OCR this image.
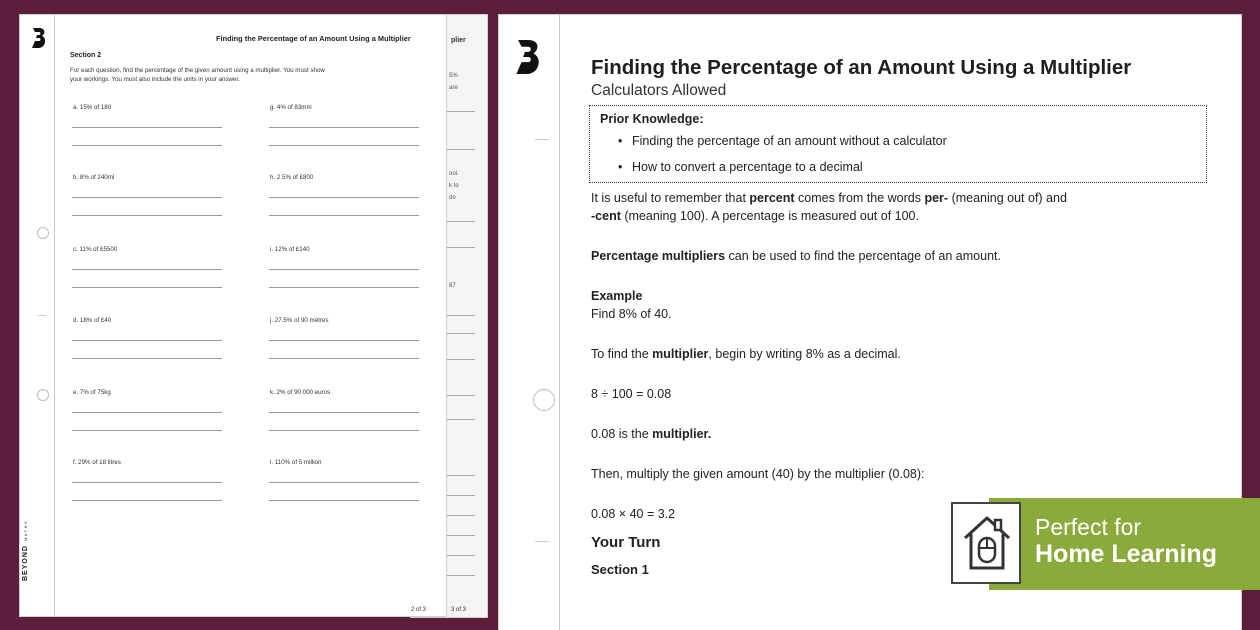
plier
5%
are
ool.
k to
do
87
3 of 3
Finding the Percentage of an Amount Using a Multiplier
Section 2
For each question, find the percentage of the given amount using a multiplier. You must show
your workings. You must also include the units in your answer.
a. 15% of 180
b. 8% of 240ml
c. 11% of £5500
d. 18% of £40
e. 7% of 75kg
f. 29% of 18 litres
g. 4% of 83mm
h. 2.5% of £800
i. 12% of £140
j. 27.5% of 90 metres
k. 2% of 90 000 euros
l. 110% of 5 million
BEYONDMATHS
2 of 3
Finding the Percentage of an Amount Using a Multiplier
Calculators Allowed
Prior Knowledge:
• Finding the percentage of an amount without a calculator
• How to convert a percentage to a decimal

It is useful to remember that percent comes from the words per- (meaning out of) and
-cent (meaning 100). A percentage is measured out of 100.

Percentage multipliers can be used to find the percentage of an amount.

Example

Find 8% of 40.

To find the multiplier, begin by writing 8% as a decimal.

8 ÷ 100 = 0.08

0.08 is the multiplier.

Then, multiply the given amount (40) by the multiplier (0.08):

0.08 × 40 = 3.2

Your Turn
Section 1
Perfect for
Home Learning
